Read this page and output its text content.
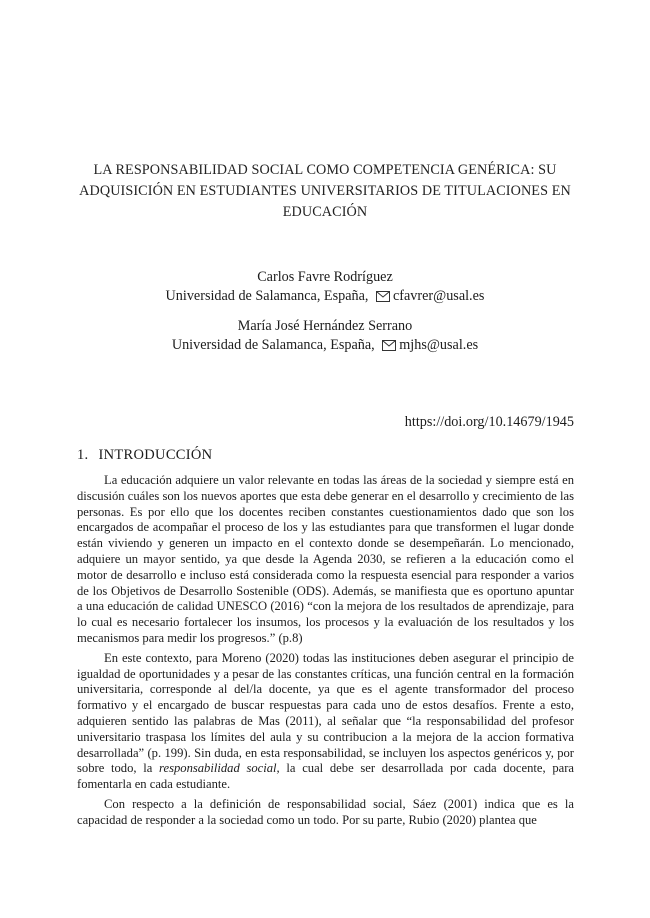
LA RESPONSABILIDAD SOCIAL COMO COMPETENCIA GENÉRICA: SU
ADQUISICIÓN EN ESTUDIANTES UNIVERSITARIOS DE TITULACIONES EN
EDUCACIÓN
Carlos Favre Rodríguez
Universidad de Salamanca, España, cfavrer@usal.es
María José Hernández Serrano
Universidad de Salamanca, España, mjhs@usal.es
https://doi.org/10.14679/1945
1. INTRODUCCIÓN

La educación adquiere un valor relevante en todas las áreas de la sociedad y siempre está en discusión cuáles son los nuevos aportes que esta debe generar en el desarrollo y crecimiento de las personas. Es por ello que los docentes reciben constantes cuestionamientos dado que son los encargados de acompañar el proceso de los y las estudiantes para que transformen el lugar donde están viviendo y generen un impacto en el contexto donde se desempeñarán. Lo mencionado, adquiere un mayor sentido, ya que desde la Agenda 2030, se refieren a la educación como el motor de desarrollo e incluso está considerada como la respuesta esencial para responder a varios de los Objetivos de Desarrollo Sostenible (ODS). Además, se manifiesta que es oportuno apuntar a una educación de calidad UNESCO (2016) “con la mejora de los resultados de aprendizaje, para lo cual es necesario fortalecer los insumos, los procesos y la evaluación de los resultados y los mecanismos para medir los progresos.” (p.8)

En este contexto, para Moreno (2020) todas las instituciones deben asegurar el principio de igualdad de oportunidades y a pesar de las constantes críticas, una función central en la formación universitaria, corresponde al del/la docente, ya que es el agente transformador del proceso formativo y el encargado de buscar respuestas para cada uno de estos desafíos. Frente a esto, adquieren sentido las palabras de Mas (2011), al señalar que “la responsabilidad del profesor universitario traspasa los límites del aula y su contribucion a la mejora de la accion formativa desarrollada” (p. 199). Sin duda, en esta responsabilidad, se incluyen los aspectos genéricos y, por sobre todo, la responsabilidad social, la cual debe ser desarrollada por cada docente, para fomentarla en cada estudiante.

Con respecto a la definición de responsabilidad social, Sáez (2001) indica que es la capacidad de responder a la sociedad como un todo. Por su parte, Rubio (2020) plantea que
